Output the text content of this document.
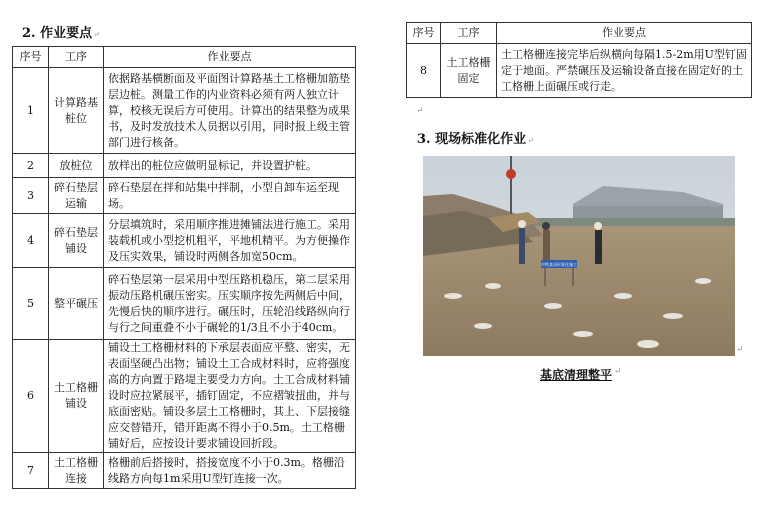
2. 作业要点↵
序号	工序	作业要点
1	计算路基桩位	依据路基横断面及平面图计算路基土工格栅加筋垫层边桩。测量工作的内业资料必须有两人独立计算，校核无误后方可使用。计算出的结果整为成果书，及时发放技术人员据以引用，同时报上级主管部门进行核备。
2	放桩位	放样出的桩位应做明显标记，并设置护桩。
3	碎石垫层运输	碎石垫层在拌和站集中拌制，小型自卸车运至现场。
4	碎石垫层铺设	分层填筑时，采用顺序推进摊铺法进行施工。采用装载机或小型挖机粗平，平地机精平。为方便操作及压实效果，铺设时两侧各加宽50cm。
5	整平碾压	碎石垫层第一层采用中型压路机稳压，第二层采用振动压路机碾压密实。压实顺序按先两侧后中间，先慢后快的顺序进行。碾压时，压轮沿线路纵向行与行之间重叠不小于碾轮的1/3且不小于40cm。
6	土工格栅铺设	铺设土工格栅材料的下承层表面应平整、密实，无表面坚硬凸出物；铺设土工合成材料时，应将强度高的方向置于路堤主要受力方向。土工合成材料铺设时应拉紧展平，插钉固定，不应褶皱扭曲，并与底面密贴。铺设多层土工格栅时，其上、下层接缝应交替错开，错开距离不得小于0.5m。土工格栅铺好后，应按设计要求铺设回折段。
7	土工格栅连接	格栅前后搭接时，搭接宽度不小于0.3m。格栅沿线路方向每1m采用U型钉连接一次。
序号	工序	作业要点
8	土工格栅固定	土工格栅连接完毕后纵横向每隔1.5-2m用U型钉固定于地面。严禁碾压及运输设备直接在固定好的土工格栅上面碾压或行走。
↵
3. 现场标准化作业↵
中铁某局标准化施工
↵
基底清理整平 ↵
